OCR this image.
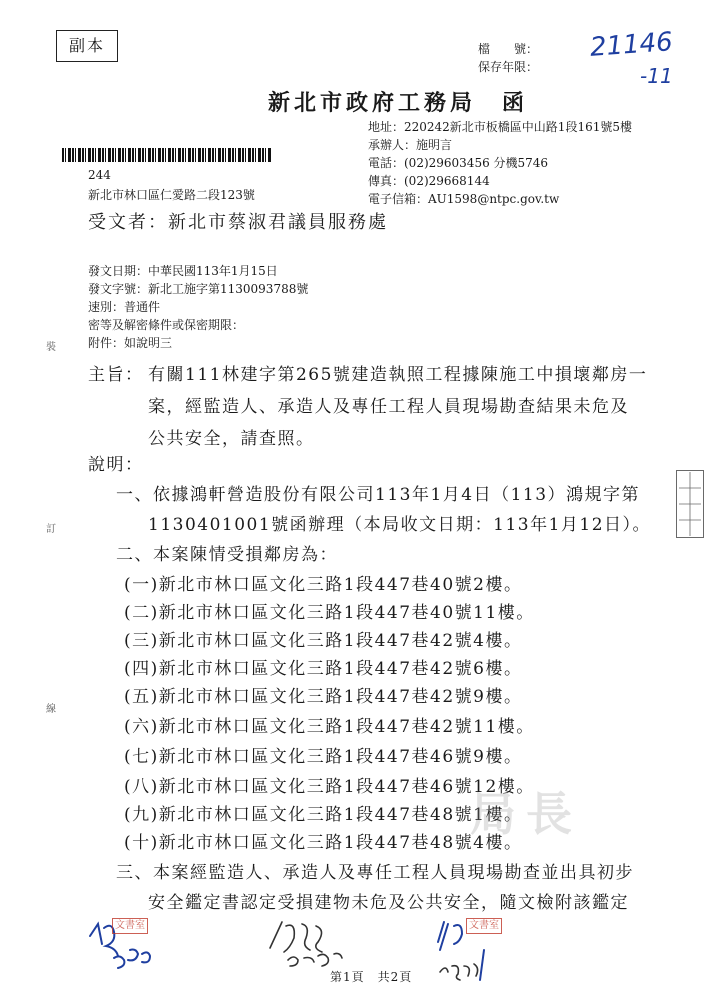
副本	檔　　號：
保存年限：
21146
-11
新北市政府工務局　函
地址：220242新北市板橋區中山路1段161號5樓
承辦人：施明言
電話：(02)29603456 分機5746
傳真：(02)29668144
電子信箱：AU1598@ntpc.gov.tw
244
新北市林口區仁愛路二段123號
受文者：新北市蔡淑君議員服務處
發文日期：中華民國113年1月15日
發文字號：新北工施字第1130093788號
速別：普通件
密等及解密條件或保密期限：
附件：如說明三
裝
訂
線
主旨： 有關111林建字第265號建造執照工程據陳施工中損壞鄰房一
案，經監造人、承造人及專任工程人員現場勘查結果未危及
公共安全，請查照。
說明：
一、依據鴻軒營造股份有限公司113年1月4日（113）鴻規字第
1130401001號函辦理（本局收文日期：113年1月12日）。
二、本案陳情受損鄰房為：
(一)新北市林口區文化三路1段447巷40號2樓。
(二)新北市林口區文化三路1段447巷40號11樓。
(三)新北市林口區文化三路1段447巷42號4樓。
(四)新北市林口區文化三路1段447巷42號6樓。
(五)新北市林口區文化三路1段447巷42號9樓。
(六)新北市林口區文化三路1段447巷42號11樓。
(七)新北市林口區文化三路1段447巷46號9樓。
(八)新北市林口區文化三路1段447巷46號12樓。
(九)新北市林口區文化三路1段447巷48號1樓。
(十)新北市林口區文化三路1段447巷48號4樓。
局長
三、本案經監造人、承造人及專任工程人員現場勘查並出具初步
安全鑑定書認定受損建物未危及公共安全，隨文檢附該鑑定
文書室
第1頁　共2頁
文書室
